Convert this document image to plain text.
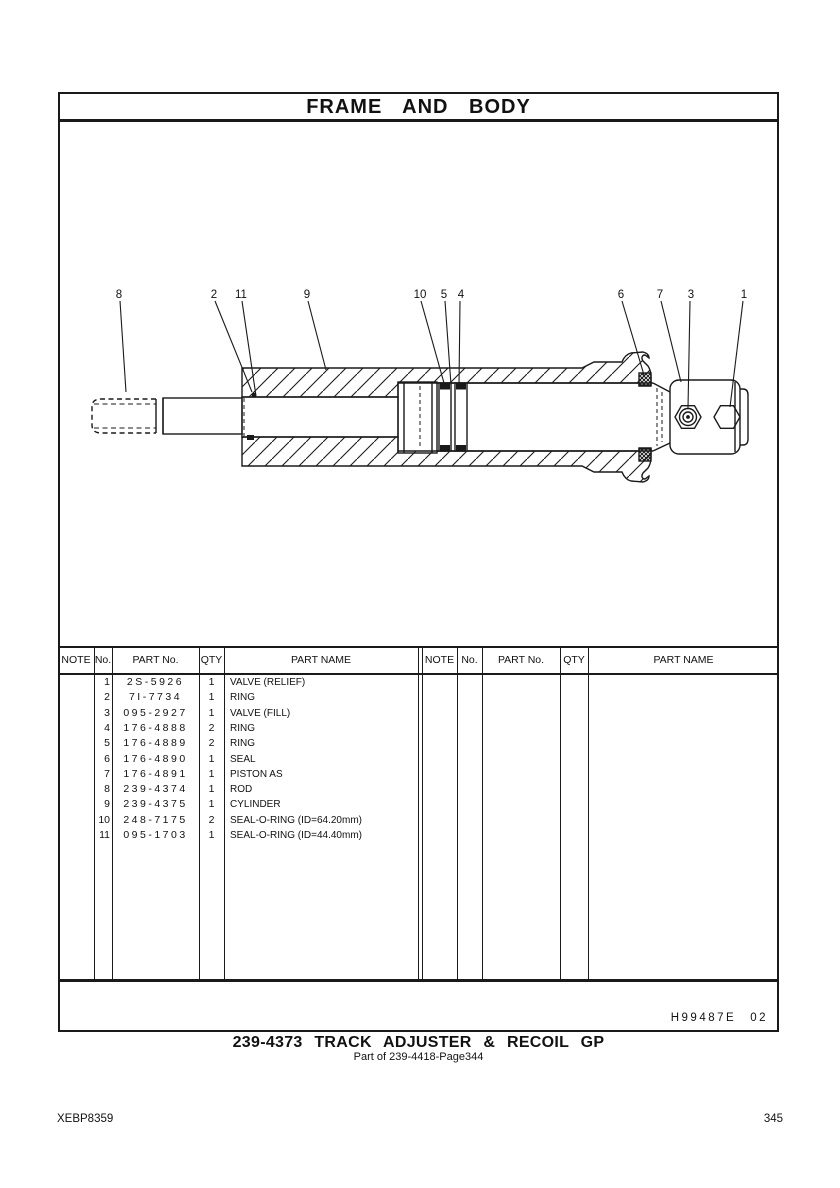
FRAME AND BODY
8	2 11	9	10 5 4	6	7 3	1
NOTE No. PART No. QTY	PART NAME	NOTE No. PART No. QTY	PART NAME
1	2S-5926	1	VALVE (RELIEF)
2	7I-7734	1	RING
3	095-2927	1	VALVE (FILL)
4	176-4888	2	RING
5	176-4889	2	RING
6	176-4890	1	SEAL
7	176-4891	1	PISTON AS
8	239-4374	1	ROD
9	239-4375	1	CYLINDER
10	248-7175	2	SEAL-O-RING (ID=64.20mm)
11	095-1703	1	SEAL-O-RING (ID=44.40mm)
H99487E 02
239-4373 TRACK ADJUSTER & RECOIL GP
Part of 239-4418-Page344
XEBP8359	345
